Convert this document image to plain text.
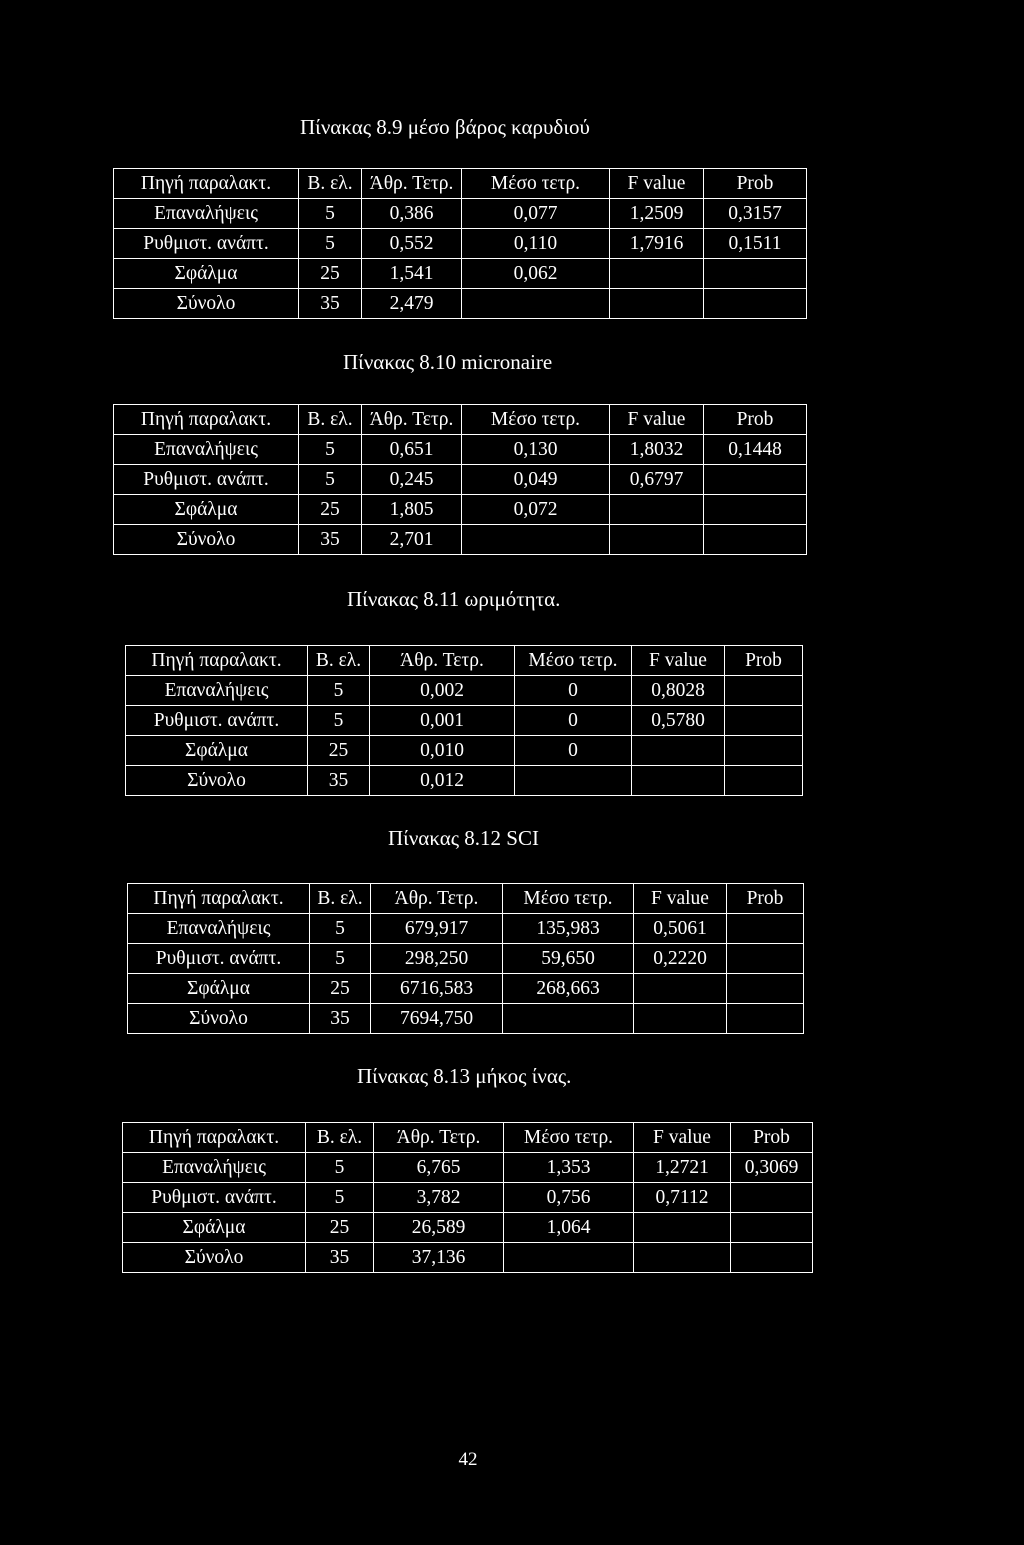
Πίνακας 8.9 μέσο βάρος καρυδιού
Πηγή παραλακτ.	Β. ελ.	Άθρ. Τετρ.	Μέσο τετρ.	F value	Prob
Επαναλήψεις	5	0,386	0,077	1,2509	0,3157
Ρυθμιστ. ανάπτ.	5	0,552	0,110	1,7916	0,1511
Σφάλμα	25	1,541	0,062		
Σύνολο	35	2,479			
Πίνακας 8.10 micronaire
Πηγή παραλακτ.	Β. ελ.	Άθρ. Τετρ.	Μέσο τετρ.	F value	Prob
Επαναλήψεις	5	0,651	0,130	1,8032	0,1448
Ρυθμιστ. ανάπτ.	5	0,245	0,049	0,6797	
Σφάλμα	25	1,805	0,072		
Σύνολο	35	2,701			
Πίνακας 8.11 ωριμότητα.
Πηγή παραλακτ.	Β. ελ.	Άθρ. Τετρ.	Μέσο τετρ.	F value	Prob
Επαναλήψεις	5	0,002	0	0,8028	
Ρυθμιστ. ανάπτ.	5	0,001	0	0,5780	
Σφάλμα	25	0,010	0		
Σύνολο	35	0,012			
Πίνακας 8.12 SCI
Πηγή παραλακτ.	Β. ελ.	Άθρ. Τετρ.	Μέσο τετρ.	F value	Prob
Επαναλήψεις	5	679,917	135,983	0,5061	
Ρυθμιστ. ανάπτ.	5	298,250	59,650	0,2220	
Σφάλμα	25	6716,583	268,663		
Σύνολο	35	7694,750			
Πίνακας 8.13 μήκος ίνας.
Πηγή παραλακτ.	Β. ελ.	Άθρ. Τετρ.	Μέσο τετρ.	F value	Prob
Επαναλήψεις	5	6,765	1,353	1,2721	0,3069
Ρυθμιστ. ανάπτ.	5	3,782	0,756	0,7112	
Σφάλμα	25	26,589	1,064		
Σύνολο	35	37,136			
42
